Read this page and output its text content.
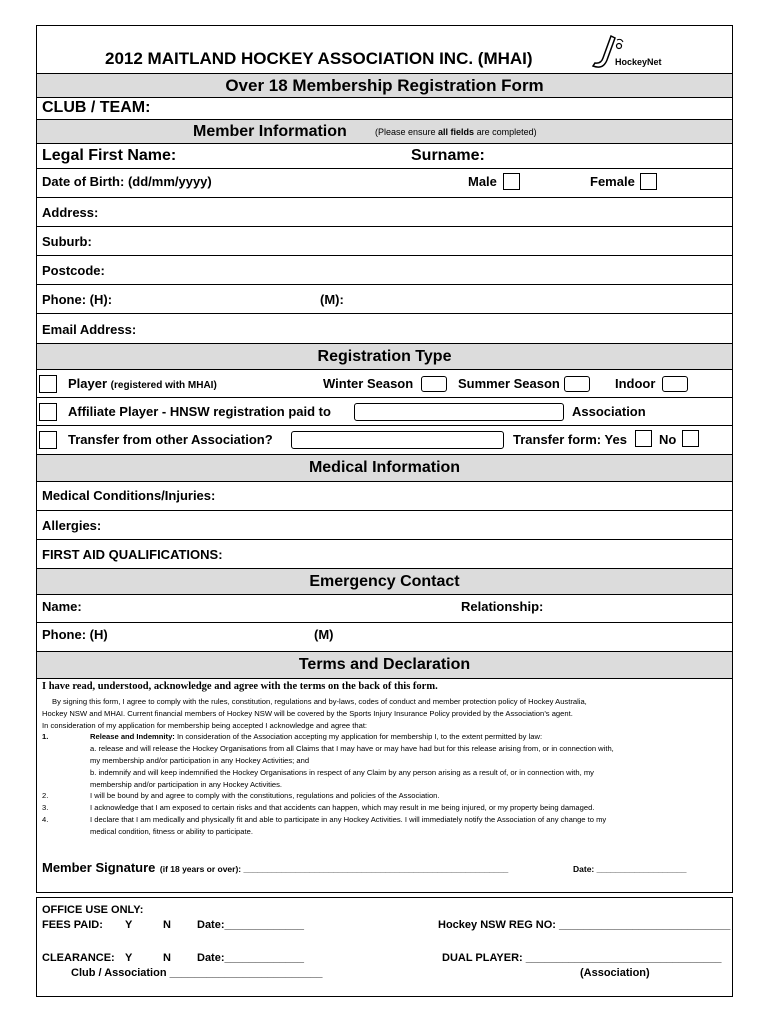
2012 MAITLAND HOCKEY ASSOCIATION INC. (MHAI)	HockeyNet
Over 18 Membership Registration Form
CLUB / TEAM:
Member Information	(Please ensure all fields are completed)
Legal First Name:	Surname:
Date of Birth: (dd/mm/yyyy)	Male	Female
Address:
Suburb:
Postcode:
Phone: (H):	(M):
Email Address:
Registration Type
Player (registered with MHAI)	Winter Season	Summer Season	Indoor
Affiliate Player - HNSW registration paid to	Association
Transfer from other Association?	Transfer form: Yes No
Medical Information
Medical Conditions/Injuries:
Allergies:
FIRST AID QUALIFICATIONS:
Emergency Contact
Name:	Relationship:
Phone: (H)	(M)
Terms and Declaration
I have read, understood, acknowledge and agree with the terms on the back of this form.
By signing this form, I agree to comply with the rules, constitution, regulations and by-laws, codes of conduct and member protection policy of Hockey Australia,
Hockey NSW and MHAI. Current financial members of Hockey NSW will be covered by the Sports Injury Insurance Policy provided by the Association’s agent.
In consideration of my application for membership being accepted I acknowledge and agree that:
1.	Release and Indemnity: In consideration of the Association accepting my application for membership I, to the extent permitted by law:
a. release and will release the Hockey Organisations from all Claims that I may have or may have had but for this release arising from, or in connection with,
my membership and/or participation in any Hockey Activities; and
b. indemnify and will keep indemnified the Hockey Organisations in respect of any Claim by any person arising as a result of, or in connection with, my
membership and/or participation in any Hockey Activities.
2.	I will be bound by and agree to comply with the constitutions, regulations and policies of the Association.
3.	I acknowledge that I am exposed to certain risks and that accidents can happen, which may result in me being injured, or my property being damaged.
4.	I declare that I am medically and physically fit and able to participate in any Hockey Activities. I will immediately notify the Association of any change to my
medical condition, fitness or ability to participate.
Member Signature (if 18 years or over): ________________________________________________________	Date: ___________________
OFFICE USE ONLY:
FEES PAID: Y	N Date:_____________	Hockey NSW REG NO: ____________________________
CLEARANCE: Y	N Date:_____________	DUAL PLAYER: ________________________________
Club / Association _________________________	(Association)
